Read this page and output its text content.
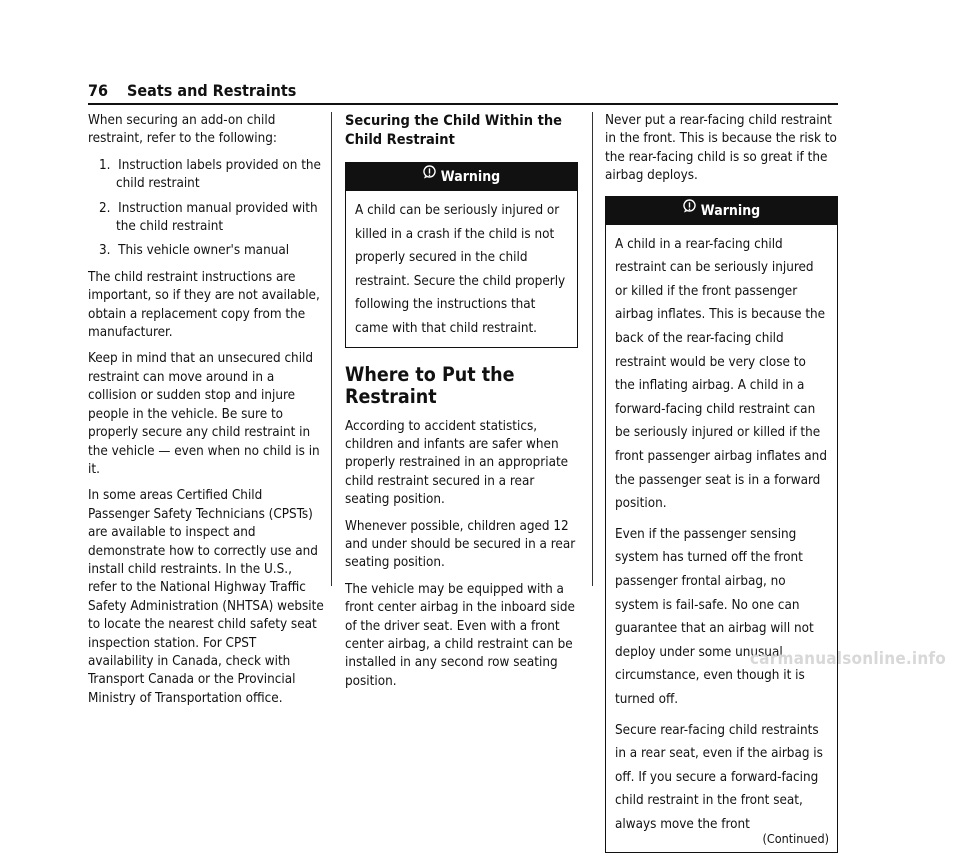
76 Seats and Restraints

When securing an add-on child restraint, refer to the following:

1.  Instruction labels provided on the child restraint
2.  Instruction manual provided with the child restraint
3.  This vehicle owner's manual

The child restraint instructions are important, so if they are not available, obtain a replacement copy from the manufacturer.

Keep in mind that an unsecured child restraint can move around in a collision or sudden stop and injure people in the vehicle. Be sure to properly secure any child restraint in the vehicle — even when no child is in it.

In some areas Certified Child Passenger Safety Technicians (CPSTs) are available to inspect and demonstrate how to correctly use and install child restraints. In the U.S., refer to the National Highway Traffic Safety Administration (NHTSA) website to locate the nearest child safety seat inspection station. For CPST availability in Canada, check with Transport Canada or the Provincial Ministry of Transportation office.

Securing the Child Within the Child Restraint
Warning

A child can be seriously injured or killed in a crash if the child is not properly secured in the child restraint. Secure the child properly following the instructions that came with that child restraint.

Where to Put the Restraint

According to accident statistics, children and infants are safer when properly restrained in an appropriate child restraint secured in a rear seating position.

Whenever possible, children aged 12 and under should be secured in a rear seating position.

The vehicle may be equipped with a front center airbag in the inboard side of the driver seat. Even with a front center airbag, a child restraint can be installed in any second row seating position.

Never put a rear-facing child restraint in the front. This is because the risk to the rear-facing child is so great if the airbag deploys.

Warning

A child in a rear-facing child restraint can be seriously injured or killed if the front passenger airbag inflates. This is because the back of the rear-facing child restraint would be very close to the inflating airbag. A child in a forward-facing child restraint can be seriously injured or killed if the front passenger airbag inflates and the passenger seat is in a forward position.

Even if the passenger sensing system has turned off the front passenger frontal airbag, no system is fail-safe. No one can guarantee that an airbag will not deploy under some unusual circumstance, even though it is turned off.

Secure rear-facing child restraints in a rear seat, even if the airbag is off. If you secure a forward-facing child restraint in the front seat, always move the front

(Continued)
carmanualsonline.info
